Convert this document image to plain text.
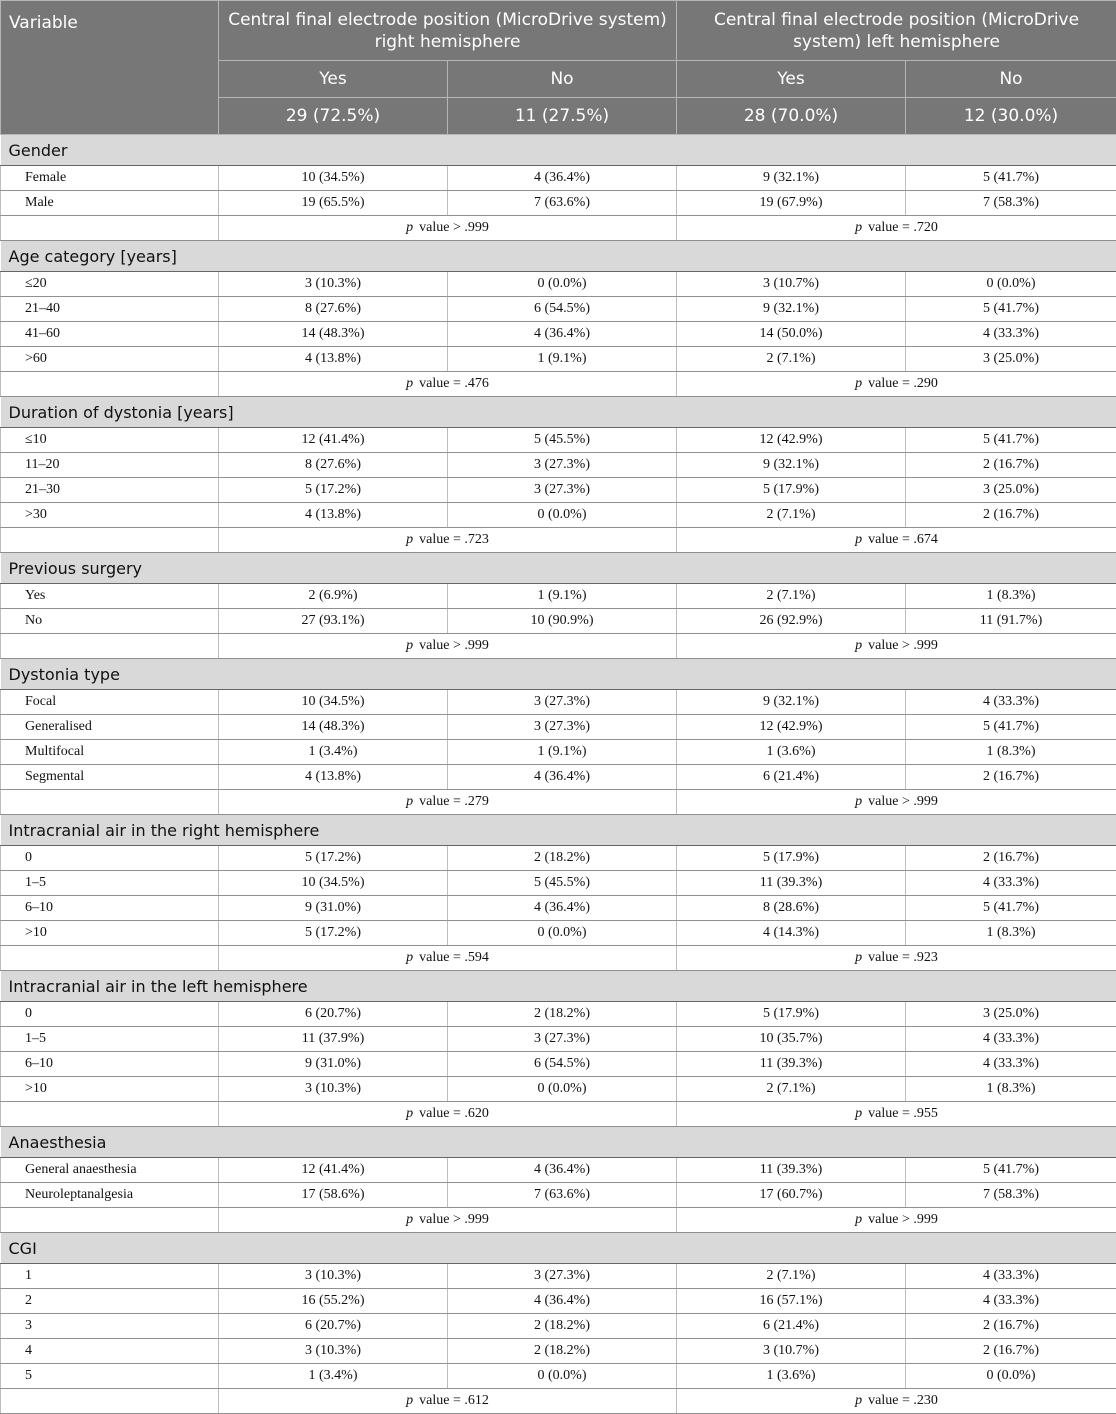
Variable	Central final electrode position (MicroDrive system) right hemisphere		Central final electrode position (MicroDrive system) left hemisphere	
	Yes	No	Yes	No
	29 (72.5%)	11 (27.5%)	28 (70.0%)	12 (30.0%)
Gender				
Female	10 (34.5%)	4 (36.4%)	9 (32.1%)	5 (41.7%)
Male	19 (65.5%)	7 (63.6%)	19 (67.9%)	7 (58.3%)
	p value > .999		p value = .720	
Age category [years]				
≤20	3 (10.3%)	0 (0.0%)	3 (10.7%)	0 (0.0%)
21–40	8 (27.6%)	6 (54.5%)	9 (32.1%)	5 (41.7%)
41–60	14 (48.3%)	4 (36.4%)	14 (50.0%)	4 (33.3%)
>60	4 (13.8%)	1 (9.1%)	2 (7.1%)	3 (25.0%)
	p value = .476		p value = .290	
Duration of dystonia [years]				
≤10	12 (41.4%)	5 (45.5%)	12 (42.9%)	5 (41.7%)
11–20	8 (27.6%)	3 (27.3%)	9 (32.1%)	2 (16.7%)
21–30	5 (17.2%)	3 (27.3%)	5 (17.9%)	3 (25.0%)
>30	4 (13.8%)	0 (0.0%)	2 (7.1%)	2 (16.7%)
	p value = .723		p value = .674	
Previous surgery				
Yes	2 (6.9%)	1 (9.1%)	2 (7.1%)	1 (8.3%)
No	27 (93.1%)	10 (90.9%)	26 (92.9%)	11 (91.7%)
	p value > .999		p value > .999	
Dystonia type				
Focal	10 (34.5%)	3 (27.3%)	9 (32.1%)	4 (33.3%)
Generalised	14 (48.3%)	3 (27.3%)	12 (42.9%)	5 (41.7%)
Multifocal	1 (3.4%)	1 (9.1%)	1 (3.6%)	1 (8.3%)
Segmental	4 (13.8%)	4 (36.4%)	6 (21.4%)	2 (16.7%)
	p value = .279		p value > .999	
Intracranial air in the right hemisphere				
0	5 (17.2%)	2 (18.2%)	5 (17.9%)	2 (16.7%)
1–5	10 (34.5%)	5 (45.5%)	11 (39.3%)	4 (33.3%)
6–10	9 (31.0%)	4 (36.4%)	8 (28.6%)	5 (41.7%)
>10	5 (17.2%)	0 (0.0%)	4 (14.3%)	1 (8.3%)
	p value = .594		p value = .923	
Intracranial air in the left hemisphere				
0	6 (20.7%)	2 (18.2%)	5 (17.9%)	3 (25.0%)
1–5	11 (37.9%)	3 (27.3%)	10 (35.7%)	4 (33.3%)
6–10	9 (31.0%)	6 (54.5%)	11 (39.3%)	4 (33.3%)
>10	3 (10.3%)	0 (0.0%)	2 (7.1%)	1 (8.3%)
	p value = .620		p value = .955	
Anaesthesia				
General anaesthesia	12 (41.4%)	4 (36.4%)	11 (39.3%)	5 (41.7%)
Neuroleptanalgesia	17 (58.6%)	7 (63.6%)	17 (60.7%)	7 (58.3%)
	p value > .999		p value > .999	
CGI				
1	3 (10.3%)	3 (27.3%)	2 (7.1%)	4 (33.3%)
2	16 (55.2%)	4 (36.4%)	16 (57.1%)	4 (33.3%)
3	6 (20.7%)	2 (18.2%)	6 (21.4%)	2 (16.7%)
4	3 (10.3%)	2 (18.2%)	3 (10.7%)	2 (16.7%)
5	1 (3.4%)	0 (0.0%)	1 (3.6%)	0 (0.0%)
	p value = .612		p value = .230	
